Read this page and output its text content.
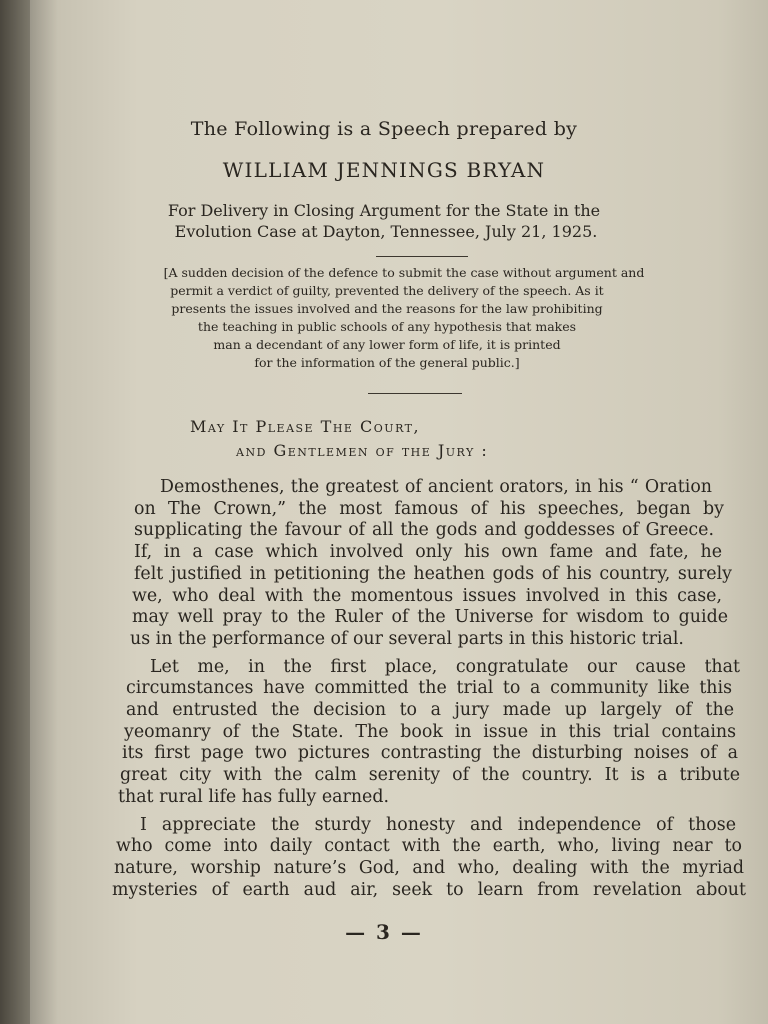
The Following is a Speech prepared by
WILLIAM JENNINGS BRYAN
For Delivery in Closing Argument for the State in the
Evolution Case at Dayton, Tennessee, July 21, 1925.
[A sudden decision of the defence to submit the case without argument and
permit a verdict of guilty, prevented the delivery of the speech. As it
presents the issues involved and the reasons for the law prohibiting
the teaching in public schools of any hypothesis that makes
man a decendant of any lower form of life, it is printed
for the information of the general public.]
May It Please The Court,
and Gentlemen of the Jury :
Demosthenes, the greatest of ancient orators, in his “ Oration
on The Crown,” the most famous of his speeches, began by
supplicating the favour of all the gods and goddesses of Greece.
If, in a case which involved only his own fame and fate, he
felt justified in petitioning the heathen gods of his country, surely
we, who deal with the momentous issues involved in this case,
may well pray to the Ruler of the Universe for wisdom to guide
us in the performance of our several parts in this historic trial.
Let me, in the first place, congratulate our cause that
circumstances have committed the trial to a community like this
and entrusted the decision to a jury made up largely of the
yeomanry of the State. The book in issue in this trial contains
its first page two pictures contrasting the disturbing noises of a
great city with the calm serenity of the country. It is a tribute
that rural life has fully earned.
I appreciate the sturdy honesty and independence of those
who come into daily contact with the earth, who, living near to
nature, worship nature’s God, and who, dealing with the myriad
mysteries of earth aud air, seek to learn from revelation about
— 3 —
